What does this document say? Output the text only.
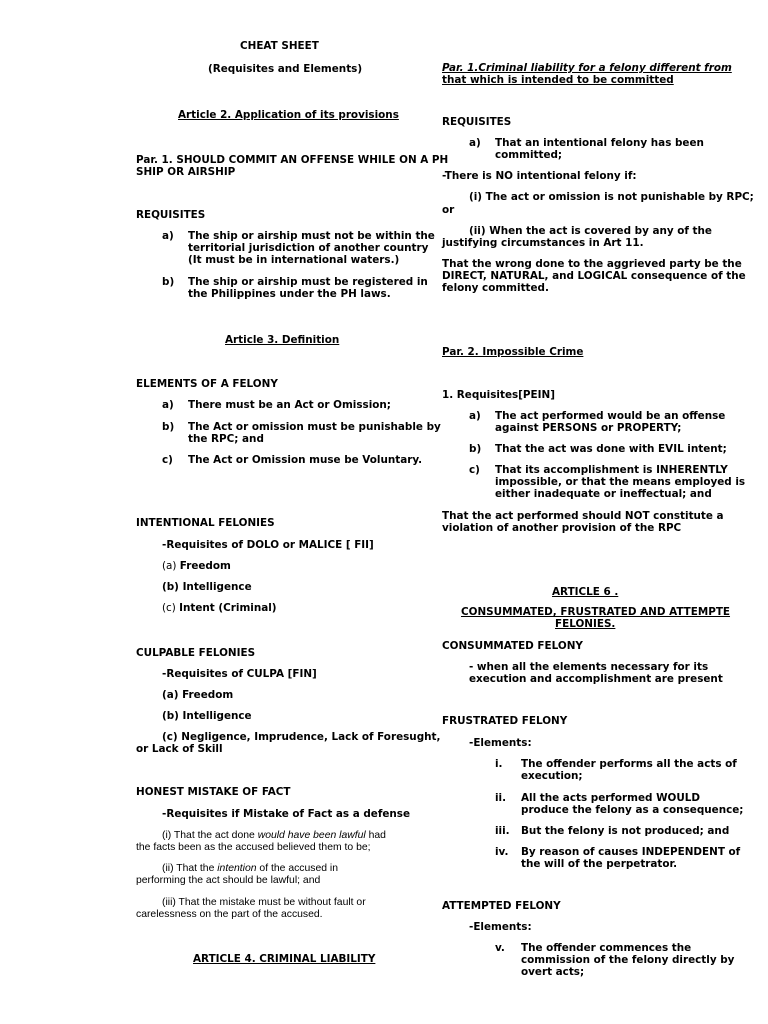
CHEAT SHEET
(Requisites and Elements)
Article 2. Application of its provisions
Par. 1. SHOULD COMMIT AN OFFENSE WHILE ON A PH
SHIP OR AIRSHIP
REQUISITES
a) The ship or airship must not be within the
territorial jurisdiction of another country
(It must be in international waters.)
b) The ship or airship must be registered in
the Philippines under the PH laws.
Article 3. Definition
ELEMENTS OF A FELONY
a) There must be an Act or Omission;
b) The Act or omission must be punishable by
the RPC; and
c) The Act or Omission muse be Voluntary.
INTENTIONAL FELONIES
-Requisites of DOLO or MALICE [ FII]
(a) Freedom
(b) Intelligence
(c) Intent (Criminal)
CULPABLE FELONIES
-Requisites of CULPA [FIN]
(a) Freedom
(b) Intelligence
(c) Negligence, Imprudence, Lack of Foresught,
or Lack of Skill
HONEST MISTAKE OF FACT
-Requisites if Mistake of Fact as a defense
(i) That the act done would have been lawful had
the facts been as the accused believed them to be;
(ii) That the intention of the accused in
performing the act should be lawful; and
(iii) That the mistake must be without fault or
carelessness on the part of the accused.
ARTICLE 4. CRIMINAL LIABILITY
Par. 1.Criminal liability for a felony different from
that which is intended to be committed
REQUISITES
a) That an intentional felony has been
committed;
-There is NO intentional felony if:
(i) The act or omission is not punishable by RPC;
or
(ii) When the act is covered by any of the
justifying circumstances in Art 11.
That the wrong done to the aggrieved party be the
DIRECT, NATURAL, and LOGICAL consequence of the
felony committed.
Par. 2. Impossible Crime
1. Requisites[PEIN]
a) The act performed would be an offense
against PERSONS or PROPERTY;
b) That the act was done with EVIL intent;
c) That its accomplishment is INHERENTLY
impossible, or that the means employed is
either inadequate or ineffectual; and
That the act performed should NOT constitute a
violation of another provision of the RPC
ARTICLE 6 .
CONSUMMATED, FRUSTRATED AND ATTEMPTE
FELONIES.
CONSUMMATED FELONY
- when all the elements necessary for its
execution and accomplishment are present
FRUSTRATED FELONY
-Elements:
i. The offender performs all the acts of
execution;
ii. All the acts performed WOULD
produce the felony as a consequence;
iii. But the felony is not produced; and
iv. By reason of causes INDEPENDENT of
the will of the perpetrator.
ATTEMPTED FELONY
-Elements:
v. The offender commences the
commission of the felony directly by
overt acts;
